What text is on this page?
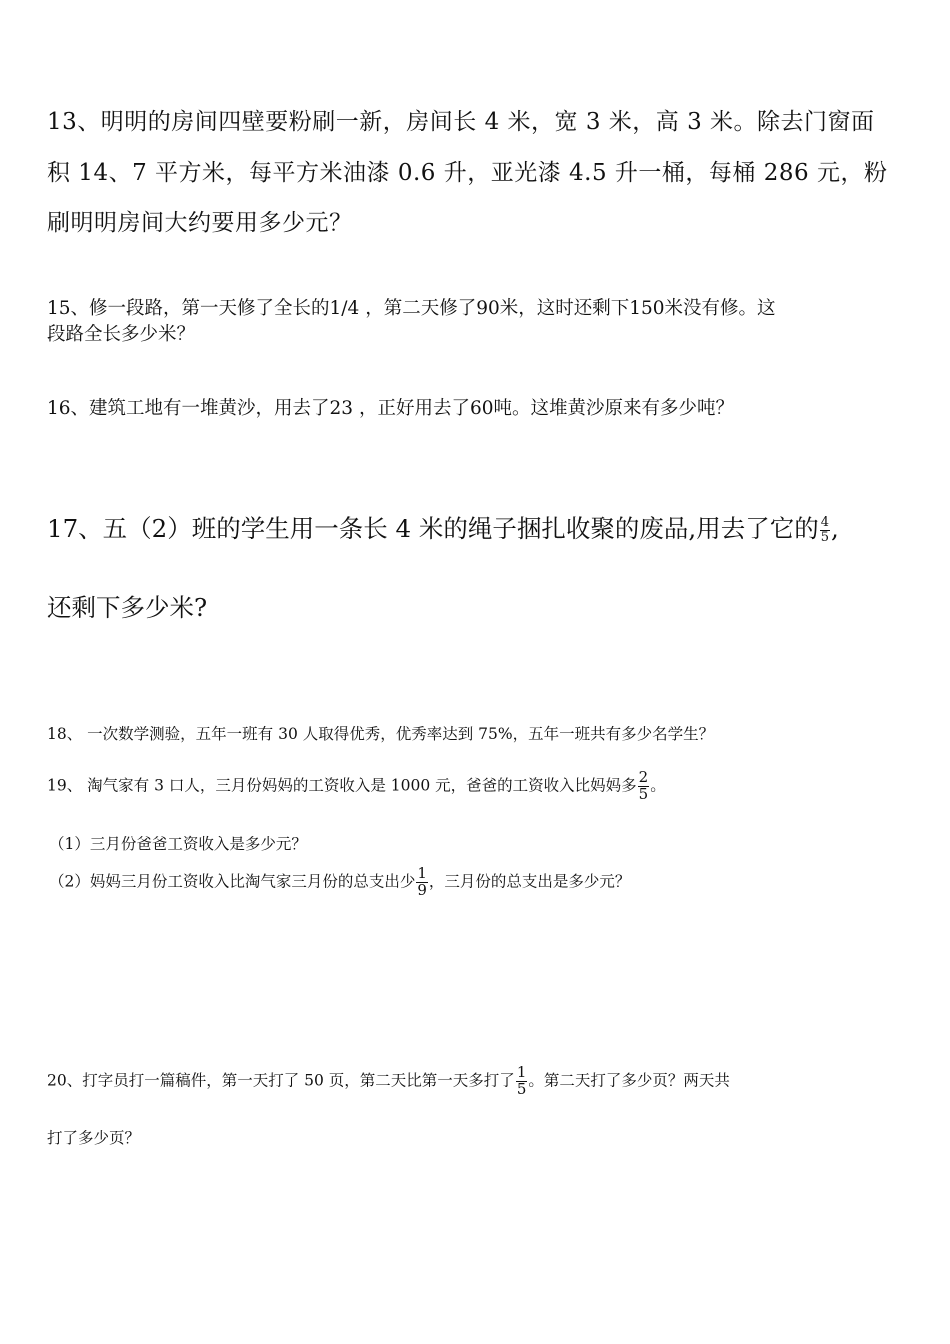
13、明明的房间四壁要粉刷一新，房间长 4 米，宽 3 米，高 3 米。除去门窗面
积 14、7 平方米，每平方米油漆 0.6 升，亚光漆 4.5 升一桶，每桶 286 元，粉
刷明明房间大约要用多少元？
15、修一段路，第一天修了全长的1/4 ，第二天修了90米，这时还剩下150米没有修。这
段路全长多少米？
16、建筑工地有一堆黄沙，用去了23 ，正好用去了60吨。这堆黄沙原来有多少吨？
17、五（2）班的学生用一条长 4 米的绳子捆扎收聚的废品,用去了它的 $\frac{4}{5}$ ,
还剩下多少米?
18、 一次数学测验，五年一班有 30 人取得优秀，优秀率达到 75%，五年一班共有多少名学生？
19、 淘气家有 3 口人，三月份妈妈的工资收入是 1000 元，爸爸的工资收入比妈妈多 $\frac{2}{5}$ 。
（1）三月份爸爸工资收入是多少元？
（2）妈妈三月份工资收入比淘气家三月份的总支出少 $\frac{1}{9}$ ，三月份的总支出是多少元？
20、打字员打一篇稿件，第一天打了 50 页，第二天比第一天多打了 $\frac{1}{5}$ 。第二天打了多少页？两天共
打了多少页？
